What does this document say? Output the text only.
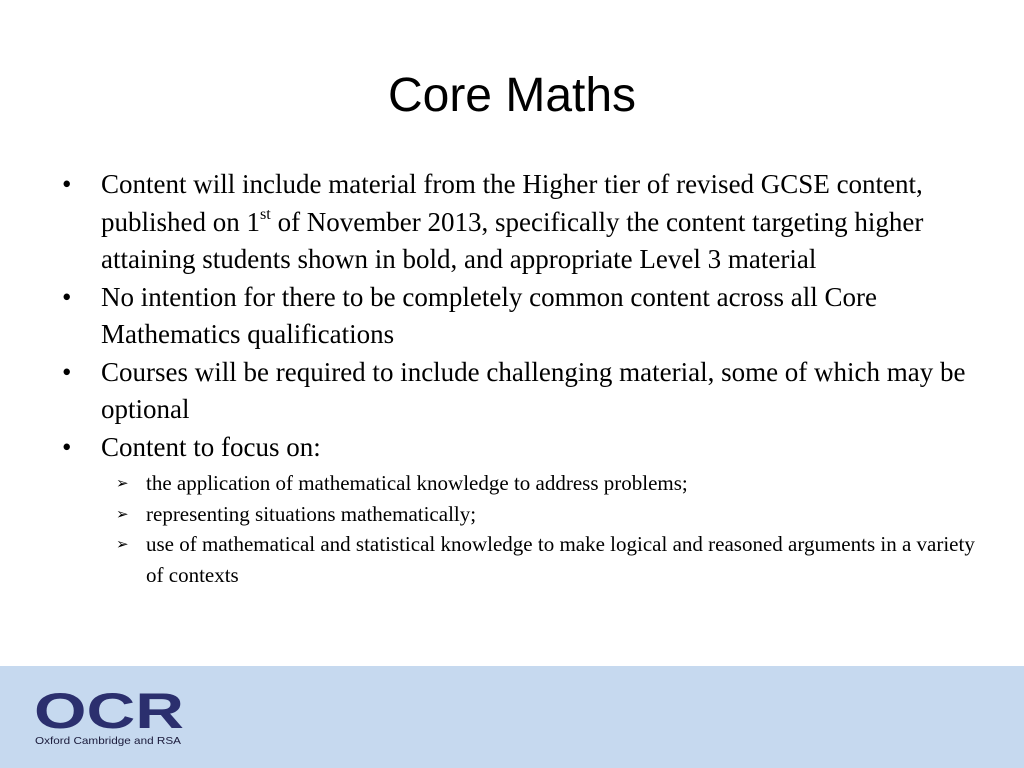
Core Maths
• Content will include material from the Higher tier of revised GCSE content, published on 1st of November 2013, specifically the content targeting higher attaining students shown in bold, and appropriate Level 3 material
• No intention for there to be completely common content across all Core Mathematics qualifications
• Courses will be required to include challenging material, some of which may be optional
• Content to focus on:
➢ the application of mathematical knowledge to address problems;
➢ representing situations mathematically;
➢ use of mathematical and statistical knowledge to make logical and reasoned arguments in a variety of contexts
OCR
Oxford Cambridge and RSA
